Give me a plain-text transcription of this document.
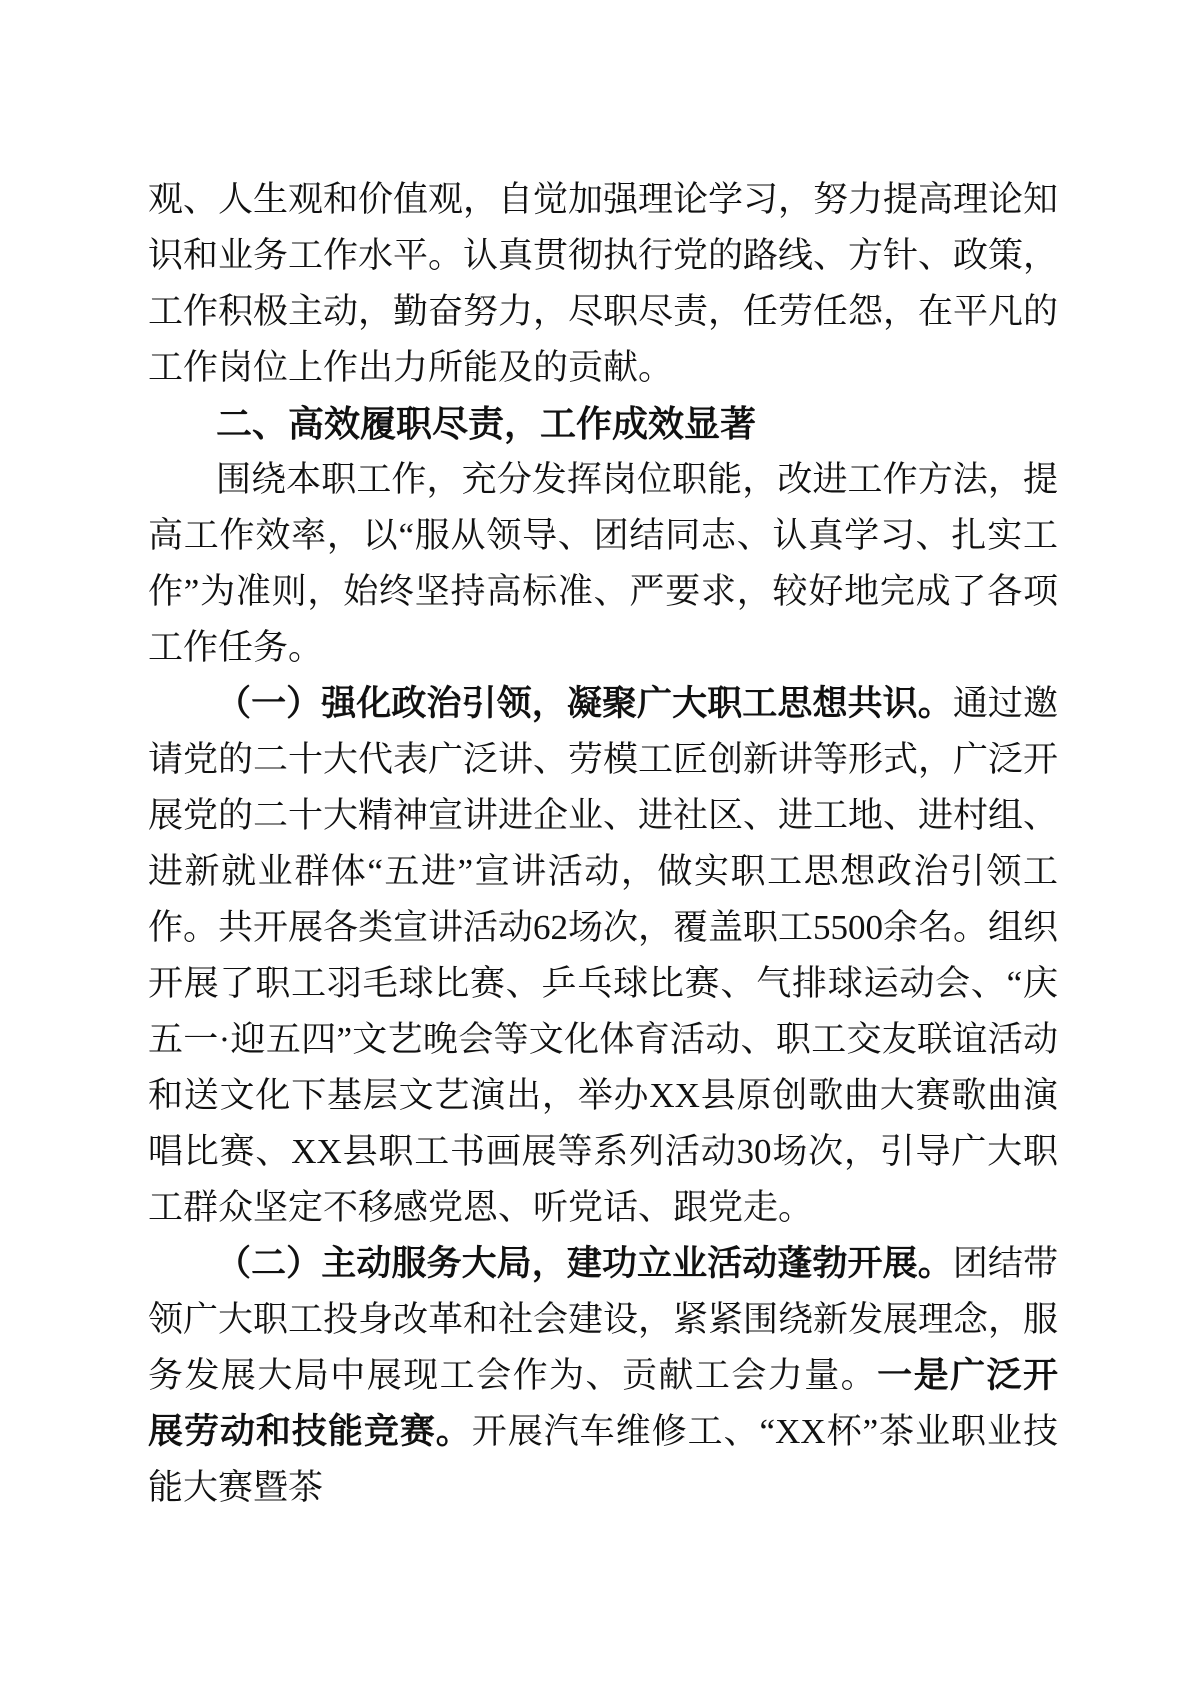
观、人生观和价值观，自觉加强理论学习，努力提高理论知识和业务工作水平。认真贯彻执行党的路线、方针、政策，工作积极主动，勤奋努力，尽职尽责，任劳任怨，在平凡的工作岗位上作出力所能及的贡献。

二、高效履职尽责，工作成效显著

围绕本职工作，充分发挥岗位职能，改进工作方法，提高工作效率，以“服从领导、团结同志、认真学习、扎实工作”为准则，始终坚持高标准、严要求，较好地完成了各项工作任务。

（一）强化政治引领，凝聚广大职工思想共识。通过邀请党的二十大代表广泛讲、劳模工匠创新讲等形式，广泛开展党的二十大精神宣讲进企业、进社区、进工地、进村组、进新就业群体“五进”宣讲活动，做实职工思想政治引领工作。共开展各类宣讲活动62场次，覆盖职工5500余名。组织开展了职工羽毛球比赛、乒乓球比赛、气排球运动会、“庆五一·迎五四”文艺晚会等文化体育活动、职工交友联谊活动和送文化下基层文艺演出，举办XX县原创歌曲大赛歌曲演唱比赛、XX县职工书画展等系列活动30场次，引导广大职工群众坚定不移感党恩、听党话、跟党走。

（二）主动服务大局，建功立业活动蓬勃开展。团结带领广大职工投身改革和社会建设，紧紧围绕新发展理念，服务发展大局中展现工会作为、贡献工会力量。一是广泛开展劳动和技能竞赛。开展汽车维修工、“XX杯”茶业职业技能大赛暨茶
